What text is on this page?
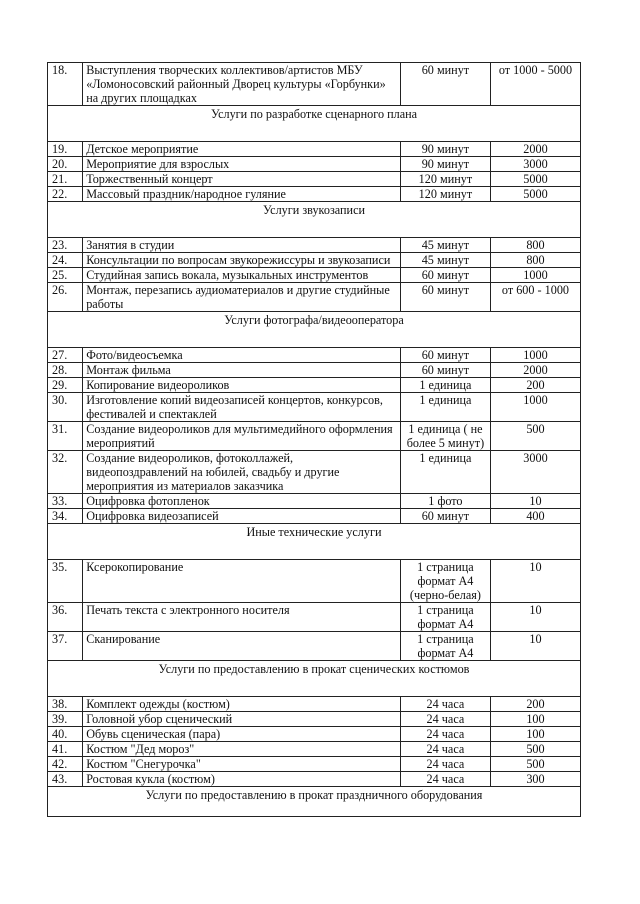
18.	Выступления творческих коллективов/артистов МБУ «Ломоносовский районный Дворец культуры «Горбунки» на других площадках	60 минут	от 1000 - 5000
Услуги по разработке сценарного плана			
19.	Детское мероприятие	90 минут	2000
20.	Мероприятие для взрослых	90 минут	3000
21.	Торжественный концерт	120 минут	5000
22.	Массовый праздник/народное гуляние	120 минут	5000
Услуги звукозаписи			
23.	Занятия в студии	45 минут	800
24.	Консультации по вопросам звукорежиссуры и звукозаписи	45 минут	800
25.	Студийная запись вокала, музыкальных инструментов	60 минут	1000
26.	Монтаж, перезапись аудиоматериалов и другие студийные работы	60 минут	от 600 - 1000
Услуги фотографа/видеооператора			
27.	Фото/видеосъемка	60 минут	1000
28.	Монтаж фильма	60 минут	2000
29.	Копирование видеороликов	1 единица	200
30.	Изготовление копий видеозаписей концертов, конкурсов, фестивалей и спектаклей	1 единица	1000
31.	Создание видеороликов для мультимедийного оформления мероприятий	1 единица ( не более 5 минут)	500
32.	Создание видеороликов, фотоколлажей, видеопоздравлений на юбилей, свадьбу и другие мероприятия из материалов заказчика	1 единица	3000
33.	Оцифровка фотопленок	1 фото	10
34.	Оцифровка видеозаписей	60 минут	400
Иные технические услуги			
35.	Ксерокопирование	1 страница формат А4 (черно-белая)	10
36.	Печать текста с электронного носителя	1 страница формат А4	10
37.	Сканирование	1 страница формат А4	10
Услуги по предоставлению в прокат сценических костюмов			
38.	Комплект одежды (костюм)	24 часа	200
39.	Головной убор сценический	24 часа	100
40.	Обувь сценическая (пара)	24 часа	100
41.	Костюм "Дед мороз"	24 часа	500
42.	Костюм "Снегурочка"	24 часа	500
43.	Ростовая кукла (костюм)	24 часа	300
Услуги по предоставлению в прокат праздничного оборудования			
